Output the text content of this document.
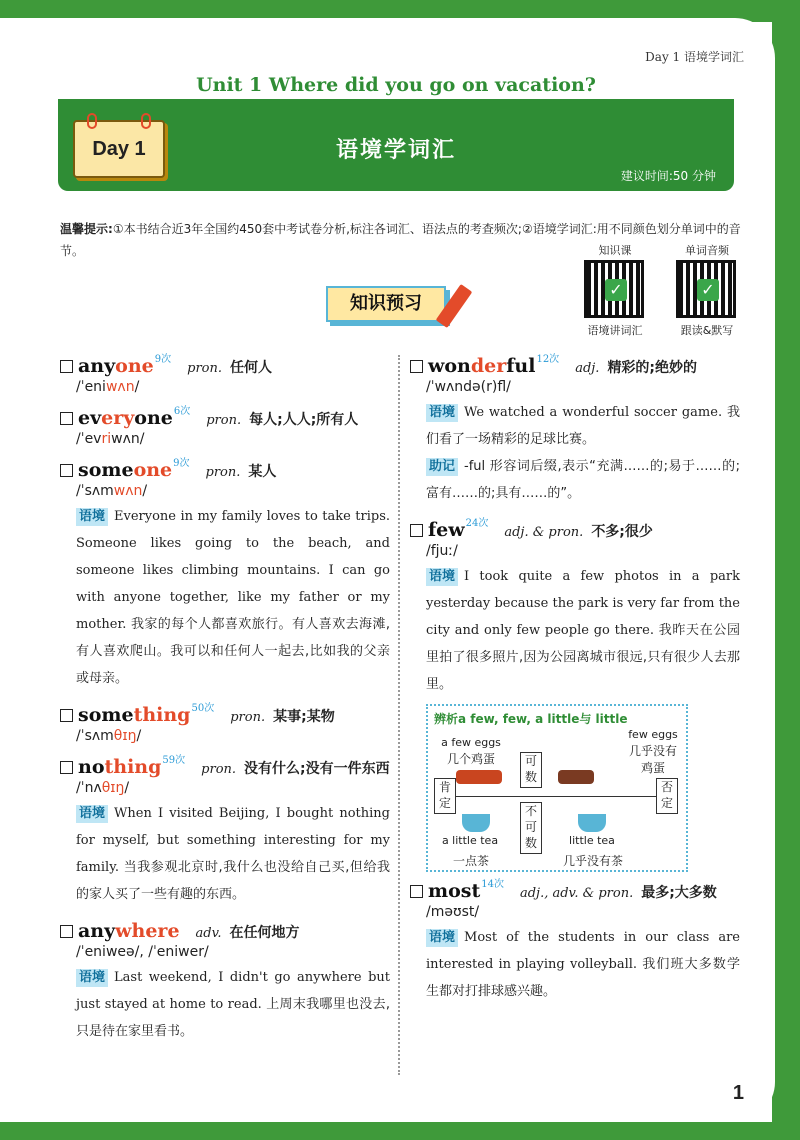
Day 1 语境学词汇
Unit 1 Where did you go on vacation?
语境学词汇
建议时间:50 分钟
Day 1
温馨提示:①本书结合近3年全国约450套中考试卷分析,标注各词汇、语法点的考查频次;②语境学词汇:用不同颜色划分单词中的音节。	知识课
✓
语境讲词汇
单词音频
✓
跟读&默写
知识预习
anyone 9次
pron. 任何人
/ˈeniwʌn/
everyone 6次
pron. 每人;人人;所有人
/ˈevriwʌn/
someone 9次
pron. 某人
/ˈsʌmwʌn/
语境 Everyone in my family loves to take trips. Someone likes going to the beach, and someone likes climbing mountains. I can go with anyone together, like my father or my mother. 我家的每个人都喜欢旅行。有人喜欢去海滩,有人喜欢爬山。我可以和任何人一起去,比如我的父亲或母亲。
something 50次
pron. 某事;某物
/ˈsʌmθɪŋ/
nothing 59次
pron. 没有什么;没有一件东西
/ˈnʌθɪŋ/
语境 When I visited Beijing, I bought nothing for myself, but something interesting for my family. 当我参观北京时,我什么也没给自己买,但给我的家人买了一些有趣的东西。
anywhere adv. 在任何地方
/ˈeniweə/, /ˈeniwer/
语境 Last weekend, I didn't go anywhere but just stayed at home to read. 上周末我哪里也没去,只是待在家里看书。
wonderful 12次
adj. 精彩的;绝妙的
/ˈwʌndə(r)fl/
语境 We watched a wonderful soccer game. 我们看了一场精彩的足球比赛。
助记 -ful 形容词后缀,表示“充满……的;易于……的;富有……的;具有……的”。
few 24次
adj. & pron. 不多;很少
/fjuː/
语境 I took quite a few photos in a park yesterday because the park is very far from the city and only few people go there. 我昨天在公园里拍了很多照片,因为公园离城市很远,只有很少人去那里。
辨析a few, few, a little与 little
few eggs
a few eggs
几个鸡蛋
几乎没有鸡蛋
可数
肯定
否定
不可数
a little tea	little tea
一点茶	几乎没有茶
most 14次
adj., adv. & pron. 最多;大多数
/məʊst/
语境 Most of the students in our class are interested in playing volleyball. 我们班大多数学生都对打排球感兴趣。
1
